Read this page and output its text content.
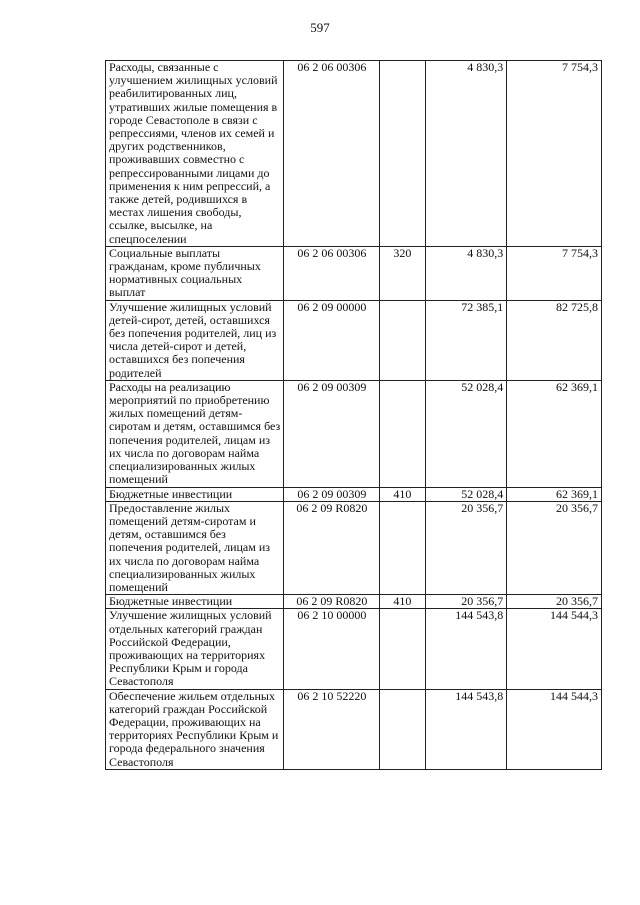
597
Расходы, связанные с улучшением жилищных условий реабилитированных лиц, утративших жилые помещения в городе Севастополе в связи с репрессиями, членов их семей и других родственников, проживавших совместно с репрессированными лицами до применения к ним репрессий, а также детей, родившихся в местах лишения свободы, ссылке, высылке, на спецпоселении	06 2 06 00306		4 830,3	7 754,3
Социальные выплаты гражданам, кроме публичных нормативных социальных выплат	06 2 06 00306	320	4 830,3	7 754,3
Улучшение жилищных условий детей-сирот, детей, оставшихся без попечения родителей, лиц из числа детей-сирот и детей, оставшихся без попечения родителей	06 2 09 00000		72 385,1	82 725,8
Расходы на реализацию мероприятий по приобретению жилых помещений детям-сиротам и детям, оставшимся без попечения родителей, лицам из их числа по договорам найма специализированных жилых помещений	06 2 09 00309		52 028,4	62 369,1
Бюджетные инвестиции	06 2 09 00309	410	52 028,4	62 369,1
Предоставление жилых помещений детям-сиротам и детям, оставшимся без попечения родителей, лицам из их числа по договорам найма специализированных жилых помещений	06 2 09 R0820		20 356,7	20 356,7
Бюджетные инвестиции	06 2 09 R0820	410	20 356,7	20 356,7
Улучшение жилищных условий отдельных категорий граждан Российской Федерации, проживающих на территориях Республики Крым и города Севастополя	06 2 10 00000		144 543,8	144 544,3
Обеспечение жильем отдельных категорий граждан Российской Федерации, проживающих на территориях Республики Крым и города федерального значения Севастополя	06 2 10 52220		144 543,8	144 544,3
